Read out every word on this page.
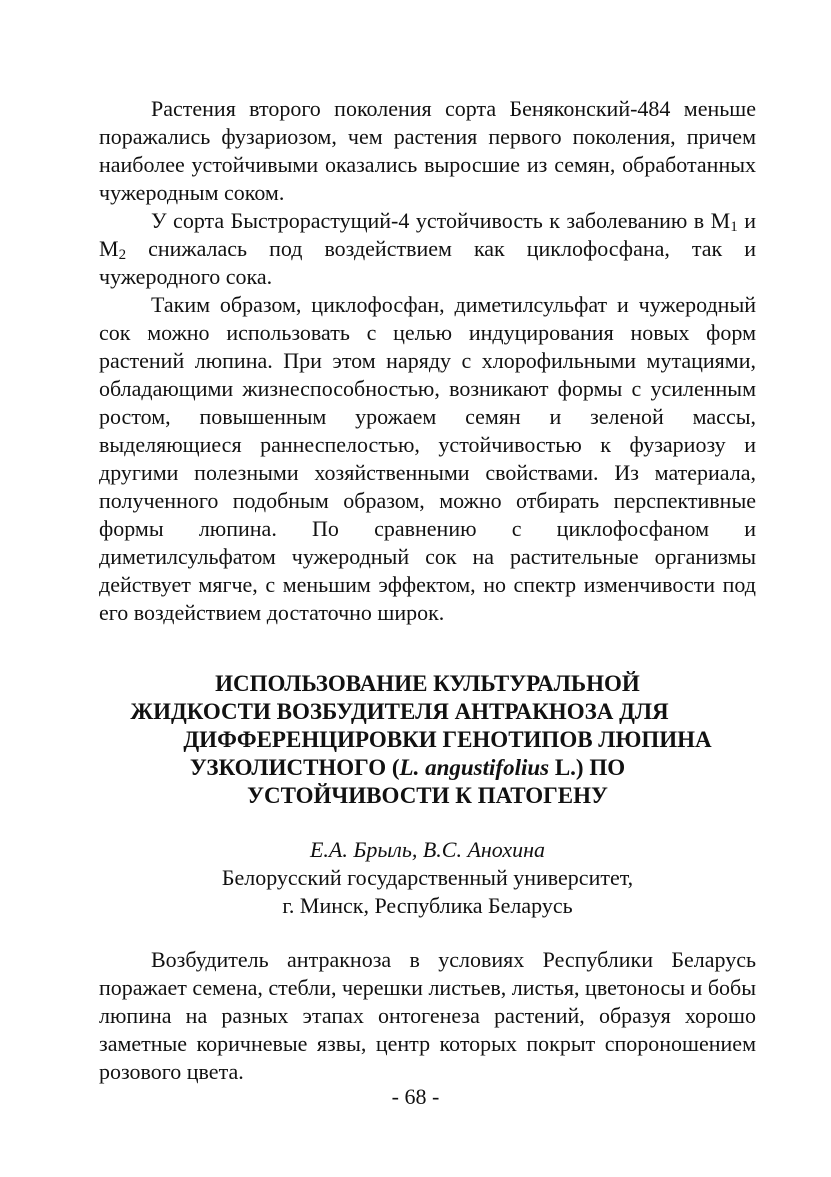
Растения второго поколения сорта Беняконский-484 меньше поражались фузариозом, чем растения первого поколения, причем наиболее устойчивыми оказались выросшие из семян, обработанных чужеродным соком.

У сорта Быстрорастущий-4 устойчивость к заболеванию в $M_1$ и $M_2$ снижалась под воздействием как циклофосфана, так и чужеродного сока.

Таким образом, циклофосфан, диметилсульфат и чужеродный сок можно использовать с целью индуцирования новых форм растений люпина. При этом наряду с хлорофильными мутациями, обладающими жизнеспособностью, возникают формы с усиленным ростом, повышенным урожаем семян и зеленой массы, выделяющиеся раннеспелостью, устойчивостью к фузариозу и другими полезными хозяйственными свойствами. Из материала, полученного подобным образом, можно отбирать перспективные формы люпина. По сравнению с циклофосфаном и диметилсульфатом чужеродный сок на растительные организмы действует мягче, с меньшим эффектом, но спектр изменчивости под его воздействием достаточно широк.

ИСПОЛЬЗОВАНИЕ КУЛЬТУРАЛЬНОЙ
ЖИДКОСТИ ВОЗБУДИТЕЛЯ АНТРАКНОЗА ДЛЯ
ДИФФЕРЕНЦИРОВКИ ГЕНОТИПОВ ЛЮПИНА
УЗКОЛИСТНОГО (L. angustifolius L.) ПО
УСТОЙЧИВОСТИ К ПАТОГЕНУ
Е.А. Брыль, В.С. Анохина
Белорусский государственный университет,
г. Минск, Республика Беларусь

Возбудитель антракноза в условиях Республики Беларусь поражает семена, стебли, черешки листьев, листья, цветоносы и бобы люпина на разных этапах онтогенеза растений, образуя хорошо заметные коричневые язвы, центр которых покрыт спороношением розового цвета.

- 68 -
